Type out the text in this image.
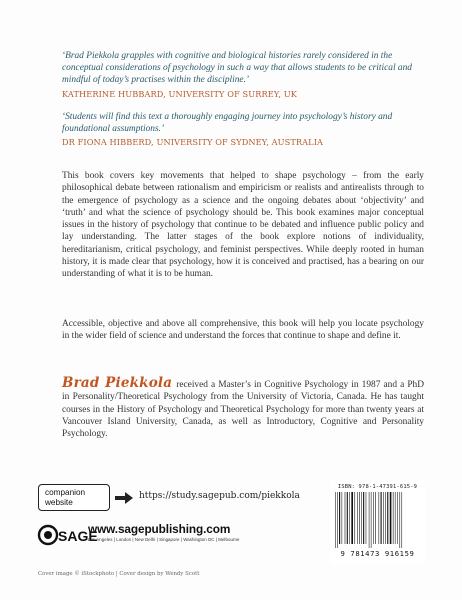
‘Brad Piekkola grapples with cognitive and biological histories rarely considered in the conceptual considerations of psychology in such a way that allows students to be critical and mindful of today’s practises within the discipline.’

KATHERINE HUBBARD, UNIVERSITY OF SURREY, UK

‘Students will find this text a thoroughly engaging journey into psychology’s history and foundational assumptions.’

DR FIONA HIBBERD, UNIVERSITY OF SYDNEY, AUSTRALIA

This book covers key movements that helped to shape psychology – from the early philosophical debate between rationalism and empiricism or realists and antirealists through to the emergence of psychology as a science and the ongoing debates about ‘objectivity’ and ‘truth’ and what the science of psychology should be. This book examines major conceptual issues in the history of psychology that continue to be debated and influence public policy and lay understanding. The latter stages of the book explore notions of individuality, hereditarianism, critical psychology, and feminist perspectives. While deeply rooted in human history, it is made clear that psychology, how it is conceived and practised, has a bearing on our understanding of what it is to be human.

Accessible, objective and above all comprehensive, this book will help you locate psychology in the wider field of science and understand the forces that continue to shape and define it.

Brad Piekkola received a Master’s in Cognitive Psychology in 1987 and a PhD in Personality/Theoretical Psychology from the University of Victoria, Canada. He has taught courses in the History of Psychology and Theoretical Psychology for more than twenty years at Vancouver Island University, Canada, as well as Introductory, Cognitive and Personality Psychology.

companion
website
https://study.sagepub.com/piekkola
SAGE
www.sagepublishing.com
Los Angeles | London | New Delhi | Singapore | Washington DC | Melbourne
Cover image © iStockphoto | Cover design by Wendy Scott
ISBN: 978-1-47391-615-9
9 781473 916159
